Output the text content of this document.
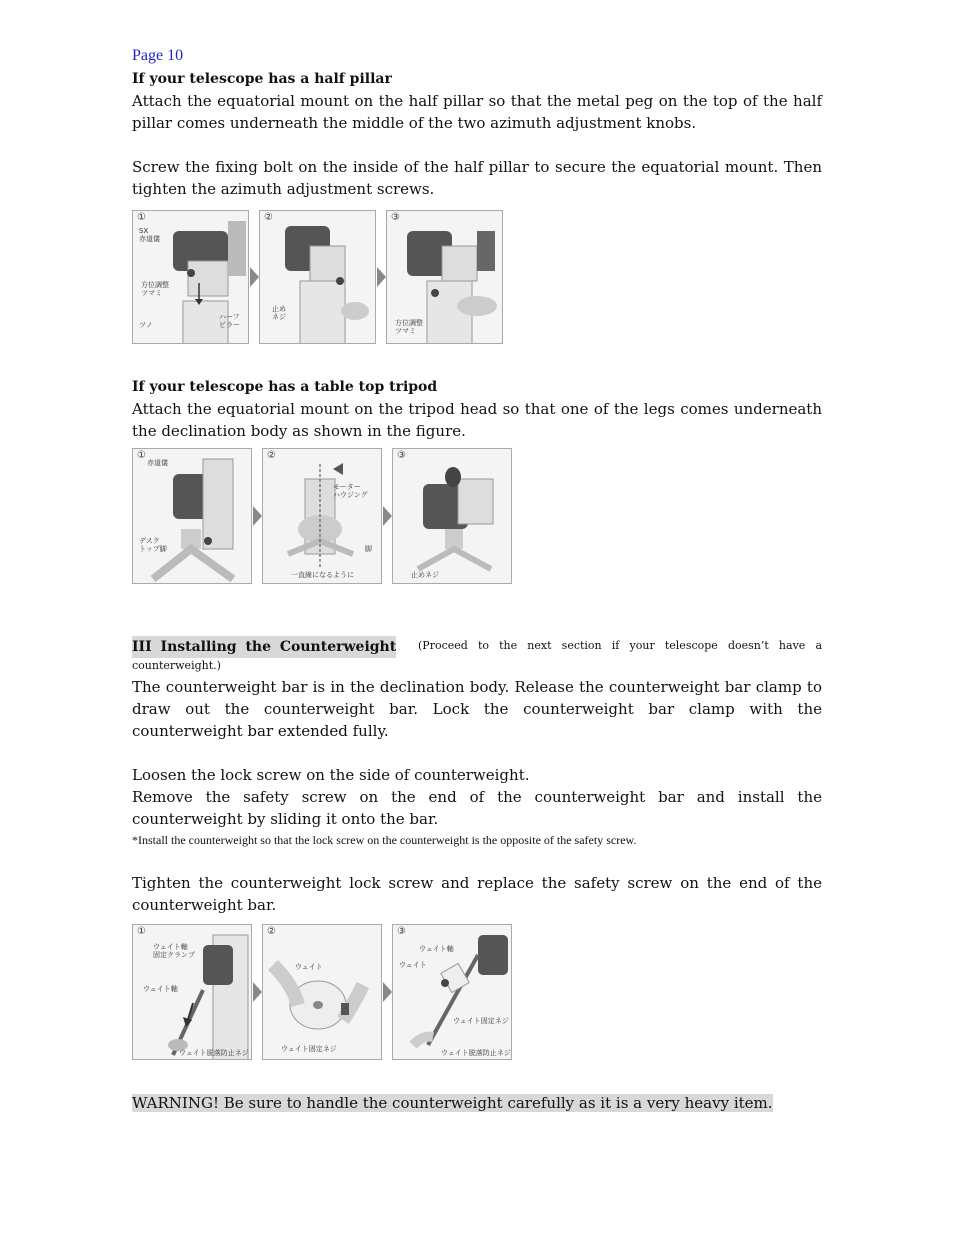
Page 10

If your telescope has a half pillar

Attach the equatorial mount on the half pillar so that the metal peg on the top of the half pillar comes underneath the middle of the two azimuth adjustment knobs.

Screw the fixing bolt on the inside of the half pillar to secure the equatorial mount. Then tighten the azimuth adjustment screws.

①
SX
赤道儀
方位調整
ツマミ
ツノ
ハーフ
ピラー
②
止め
ネジ
③
方位調整
ツマミ
If your telescope has a table top tripod

Attach the equatorial mount on the tripod head so that one of the legs comes underneath the declination body as shown in the figure.

①
赤道儀
デスク
トップ脚
②
モーター
ハウジング
脚
一直線になるように
③
止めネジ
III Installing the Counterweight	(Proceed to the next section if your telescope doesn’t have a counterweight.)

The counterweight bar is in the declination body. Release the counterweight bar clamp to draw out the counterweight bar. Lock the counterweight bar clamp with the counterweight bar extended fully.

Loosen the lock screw on the side of counterweight.

Remove the safety screw on the end of the counterweight bar and install the counterweight by sliding it onto the bar.

*Install the counterweight so that the lock screw on the counterweight is the opposite of the safety screw.

Tighten the counterweight lock screw and replace the safety screw on the end of the counterweight bar.

①
ウェイト軸
固定クランプ
ウェイト軸
ウェイト脱落防止ネジ
②
ウェイト
ウェイト固定ネジ
③
ウェイト軸
ウェイト
ウェイト固定ネジ
ウェイト脱落防止ネジ

WARNING! Be sure to handle the counterweight carefully as it is a very heavy item.
